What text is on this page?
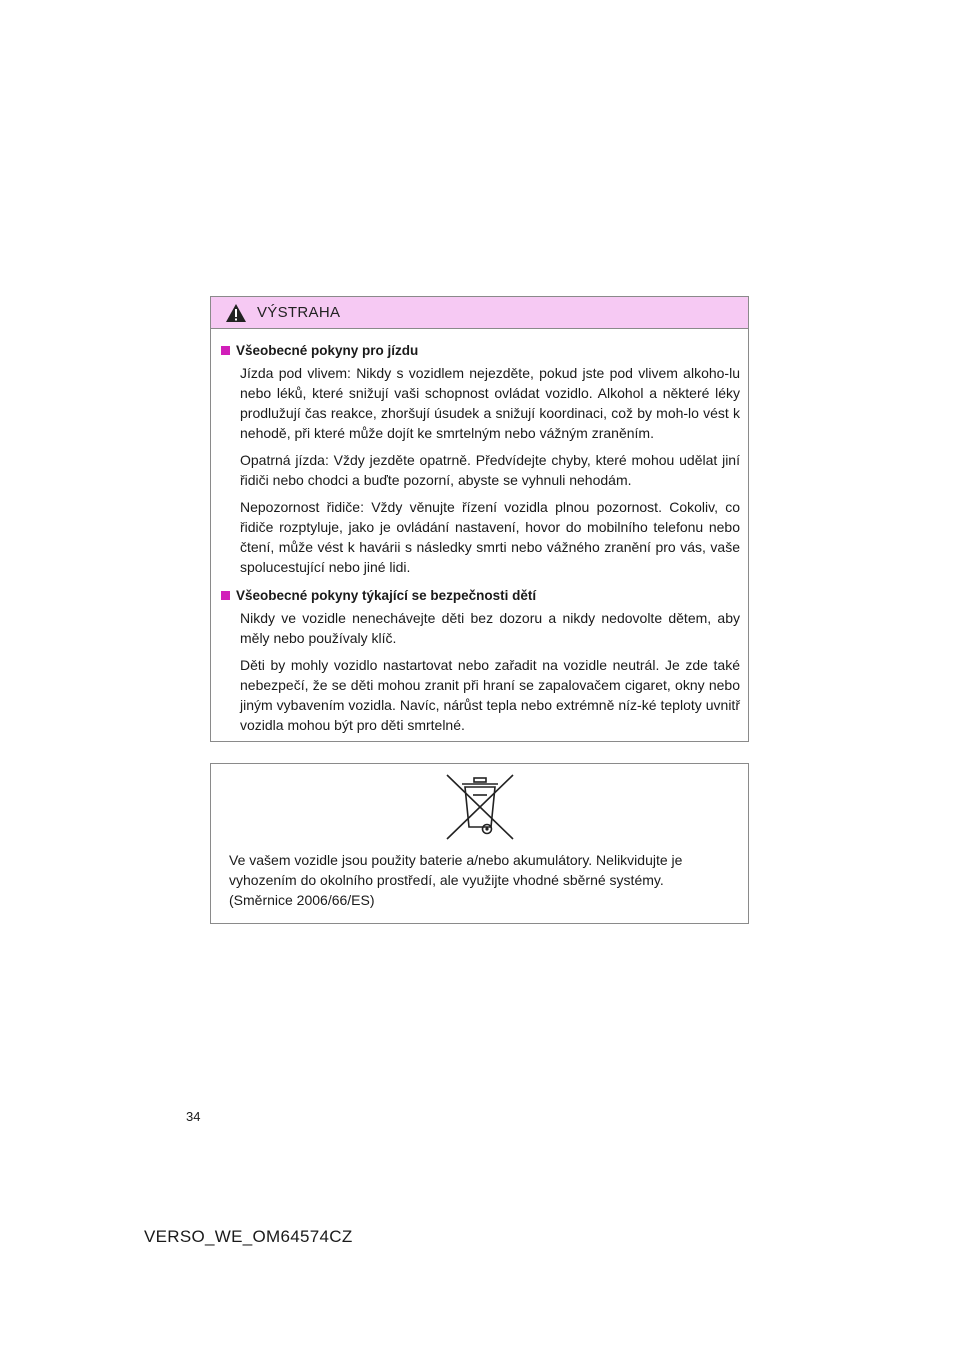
VÝSTRAHA
Všeobecné pokyny pro jízdu

Jízda pod vlivem: Nikdy s vozidlem nejezděte, pokud jste pod vlivem alkoho-lu nebo léků, které snižují vaši schopnost ovládat vozidlo. Alkohol a některé léky prodlužují čas reakce, zhoršují úsudek a snižují koordinaci, což by moh-lo vést k nehodě, při které může dojít ke smrtelným nebo vážným zraněním.

Opatrná jízda: Vždy jezděte opatrně. Předvídejte chyby, které mohou udělat jiní řidiči nebo chodci a buďte pozorní, abyste se vyhnuli nehodám.

Nepozornost řidiče: Vždy věnujte řízení vozidla plnou pozornost. Cokoliv, co řidiče rozptyluje, jako je ovládání nastavení, hovor do mobilního telefonu nebo čtení, může vést k havárii s následky smrti nebo vážného zranění pro vás, vaše spolucestující nebo jiné lidi.

Všeobecné pokyny týkající se bezpečnosti dětí

Nikdy ve vozidle nenechávejte děti bez dozoru a nikdy nedovolte dětem, aby měly nebo používaly klíč.

Děti by mohly vozidlo nastartovat nebo zařadit na vozidle neutrál. Je zde také nebezpečí, že se děti mohou zranit při hraní se zapalovačem cigaret, okny nebo jiným vybavením vozidla. Navíc, nárůst tepla nebo extrémně níz-ké teploty uvnitř vozidla mohou být pro děti smrtelné.

Ve vašem vozidle jsou použity baterie a/nebo akumulátory. Nelikvidujte je
vyhozením do okolního prostředí, ale využijte vhodné sběrné systémy.
(Směrnice 2006/66/ES)

34
VERSO_WE_OM64574CZ
